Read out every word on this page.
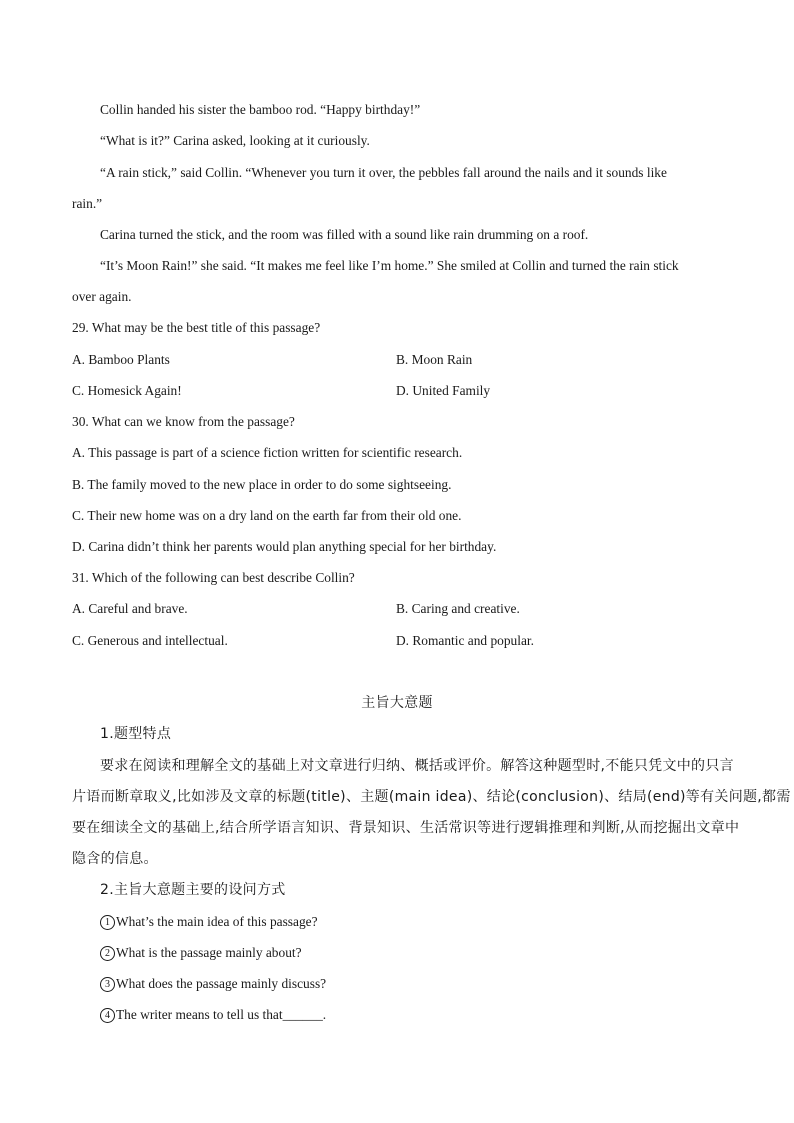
Collin handed his sister the bamboo rod. “Happy birthday!”
“What is it?” Carina asked, looking at it curiously.
“A rain stick,” said Collin. “Whenever you turn it over, the pebbles fall around the nails and it sounds like
rain.”
Carina turned the stick, and the room was filled with a sound like rain drumming on a roof.
“It’s Moon Rain!” she said. “It makes me feel like I’m home.” She smiled at Collin and turned the rain stick
over again.
29. What may be the best title of this passage?
A. Bamboo Plants	B. Moon Rain
C. Homesick Again!	D. United Family
30. What can we know from the passage?
A. This passage is part of a science fiction written for scientific research.
B. The family moved to the new place in order to do some sightseeing.
C. Their new home was on a dry land on the earth far from their old one.
D. Carina didn’t think her parents would plan anything special for her birthday.
31. Which of the following can best describe Collin?
A. Careful and brave.	B. Caring and creative.
C. Generous and intellectual.	D. Romantic and popular.
主旨大意题
1.题型特点
要求在阅读和理解全文的基础上对文章进行归纳、概括或评价。解答这种题型时,不能只凭文中的只言
片语而断章取义,比如涉及文章的标题(title)、主题(main idea)、结论(conclusion)、结局(end)等有关问题,都需
要在细读全文的基础上,结合所学语言知识、背景知识、生活常识等进行逻辑推理和判断,从而挖掘出文章中
隐含的信息。
2.主旨大意题主要的设问方式
1 What’s the main idea of this passage?
2 What is the passage mainly about?
3 What does the passage mainly discuss?
4 The writer means to tell us that______.
